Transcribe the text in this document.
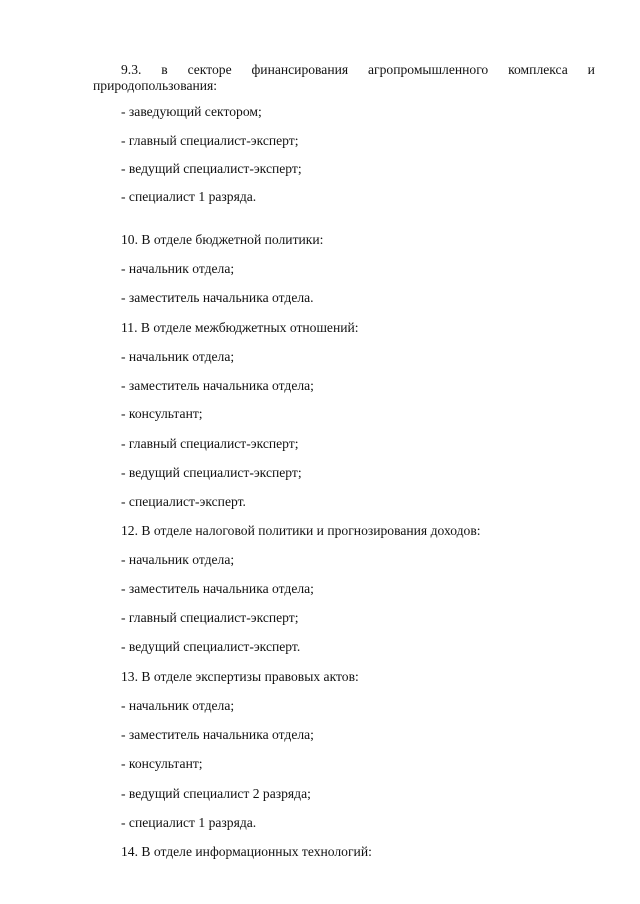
9.3. в секторе финансирования агропромышленного комплекса и
природопользования:
- заведующий сектором;
- главный специалист-эксперт;
- ведущий специалист-эксперт;
- специалист 1 разряда.
10. В отделе бюджетной политики:
- начальник отдела;
- заместитель начальника отдела.
11. В отделе межбюджетных отношений:
- начальник отдела;
- заместитель начальника отдела;
- консультант;
- главный специалист-эксперт;
- ведущий специалист-эксперт;
- специалист-эксперт.
12. В отделе налоговой политики и прогнозирования доходов:
- начальник отдела;
- заместитель начальника отдела;
- главный специалист-эксперт;
- ведущий специалист-эксперт.
13. В отделе экспертизы правовых актов:
- начальник отдела;
- заместитель начальника отдела;
- консультант;
- ведущий специалист 2 разряда;
- специалист 1 разряда.
14. В отделе информационных технологий:
